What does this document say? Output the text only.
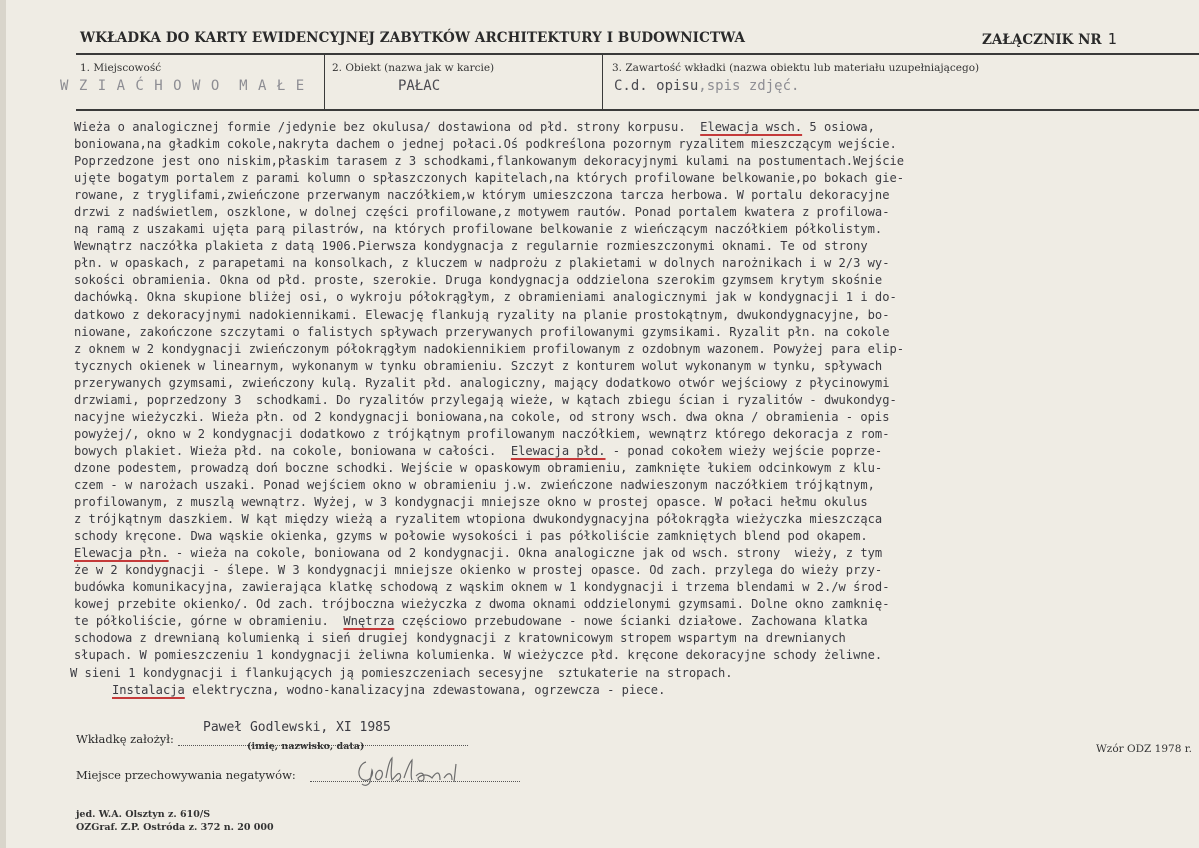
WKŁADKA DO KARTY EWIDENCYJNEJ ZABYTKÓW ARCHITEKTURY I BUDOWNICTWA	ZAŁĄCZNIK NR 1
1. Miejscowość	2. Obiekt (nazwa jak w karcie)	3. Zawartość wkładki (nazwa obiektu lub materiału uzupełniającego)
W Z I A Ć H O W O  M A Ł E	PAŁAC	C.d. opisu,spis zdjęć.
Wieża o analogicznej formie /jedynie bez okulusa/ dostawiona od płd. strony korpusu.  Elewacja wsch. 5 osiowa,
boniowana,na gładkim cokole,nakryta dachem o jednej połaci.Oś podkreślona pozornym ryzalitem mieszczącym wejście.
Poprzedzone jest ono niskim,płaskim tarasem z 3 schodkami,flankowanym dekoracyjnymi kulami na postumentach.Wejście
ujęte bogatym portalem z parami kolumn o spłaszczonych kapitelach,na których profilowane belkowanie,po bokach gie-
rowane, z tryglifami,zwieńczone przerwanym naczółkiem,w którym umieszczona tarcza herbowa. W portalu dekoracyjne
drzwi z nadświetlem, oszklone, w dolnej części profilowane,z motywem rautów. Ponad portalem kwatera z profilowa-
ną ramą z uszakami ujęta parą pilastrów, na których profilowane belkowanie z wieńczącym naczółkiem półkolistym.
Wewnątrz naczółka plakieta z datą 1906.Pierwsza kondygnacja z regularnie rozmieszczonymi oknami. Te od strony
płn. w opaskach, z parapetami na konsolkach, z kluczem w nadprożu z plakietami w dolnych narożnikach i w 2/3 wy-
sokości obramienia. Okna od płd. proste, szerokie. Druga kondygnacja oddzielona szerokim gzymsem krytym skośnie
dachówką. Okna skupione bliżej osi, o wykroju półokrągłym, z obramieniami analogicznymi jak w kondygnacji 1 i do-
datkowo z dekoracyjnymi nadokiennikami. Elewację flankują ryzality na planie prostokątnym, dwukondygnacyjne, bo-
niowane, zakończone szczytami o falistych spływach przerywanych profilowanymi gzymsikami. Ryzalit płn. na cokole
z oknem w 2 kondygnacji zwieńczonym półokrągłym nadokiennikiem profilowanym z ozdobnym wazonem. Powyżej para elip-
tycznych okienek w linearnym, wykonanym w tynku obramieniu. Szczyt z konturem wolut wykonanym w tynku, spływach
przerywanych gzymsami, zwieńczony kulą. Ryzalit płd. analogiczny, mający dodatkowo otwór wejściowy z płycinowymi
drzwiami, poprzedzony 3  schodkami. Do ryzalitów przylegają wieże, w kątach zbiegu ścian i ryzalitów - dwukondyg-
nacyjne wieżyczki. Wieża płn. od 2 kondygnacji boniowana,na cokole, od strony wsch. dwa okna / obramienia - opis
powyżej/, okno w 2 kondygnacji dodatkowo z trójkątnym profilowanym naczółkiem, wewnątrz którego dekoracja z rom-
bowych plakiet. Wieża płd. na cokole, boniowana w całości.  Elewacja płd. - ponad cokołem wieży wejście poprze-
dzone podestem, prowadzą doń boczne schodki. Wejście w opaskowym obramieniu, zamknięte łukiem odcinkowym z klu-
czem - w narożach uszaki. Ponad wejściem okno w obramieniu j.w. zwieńczone nadwieszonym naczółkiem trójkątnym,
profilowanym, z muszlą wewnątrz. Wyżej, w 3 kondygnacji mniejsze okno w prostej opasce. W połaci hełmu okulus
z trójkątnym daszkiem. W kąt między wieżą a ryzalitem wtopiona dwukondygnacyjna półokrągła wieżyczka mieszcząca
schody kręcone. Dwa wąskie okienka, gzyms w połowie wysokości i pas półkoliście zamkniętych blend pod okapem.
Elewacja płn. - wieża na cokole, boniowana od 2 kondygnacji. Okna analogiczne jak od wsch. strony  wieży, z tym
że w 2 kondygnacji - ślepe. W 3 kondygnacji mniejsze okienko w prostej opasce. Od zach. przylega do wieży przy-
budówka komunikacyjna, zawierająca klatkę schodową z wąskim oknem w 1 kondygnacji i trzema blendami w 2./w środ-
kowej przebite okienko/. Od zach. trójboczna wieżyczka z dwoma oknami oddzielonymi gzymsami. Dolne okno zamknię-
te półkoliście, górne w obramieniu.  Wnętrza częściowo przebudowane - nowe ścianki działowe. Zachowana klatka
schodowa z drewnianą kolumienką i sień drugiej kondygnacji z kratownicowym stropem wspartym na drewnianych
słupach. W pomieszczeniu 1 kondygnacji żeliwna kolumienka. W wieżyczce płd. kręcone dekoracyjne schody żeliwne.
W sieni 1 kondygnacji i flankujących ją pomieszczeniach secesyjne  sztukaterie na stropach.
Instalacja elektryczna, wodno-kanalizacyjna zdewastowana, ogrzewcza - piece.
Wkładkę założył:
Paweł Godlewski, XI 1985
(imię, nazwisko, data)
Miejsce przechowywania negatywów:
Wzór ODZ 1978 r.
jed. W.A. Olsztyn z. 610/S
OZGraf. Z.P. Ostróda z. 372 n. 20 000
